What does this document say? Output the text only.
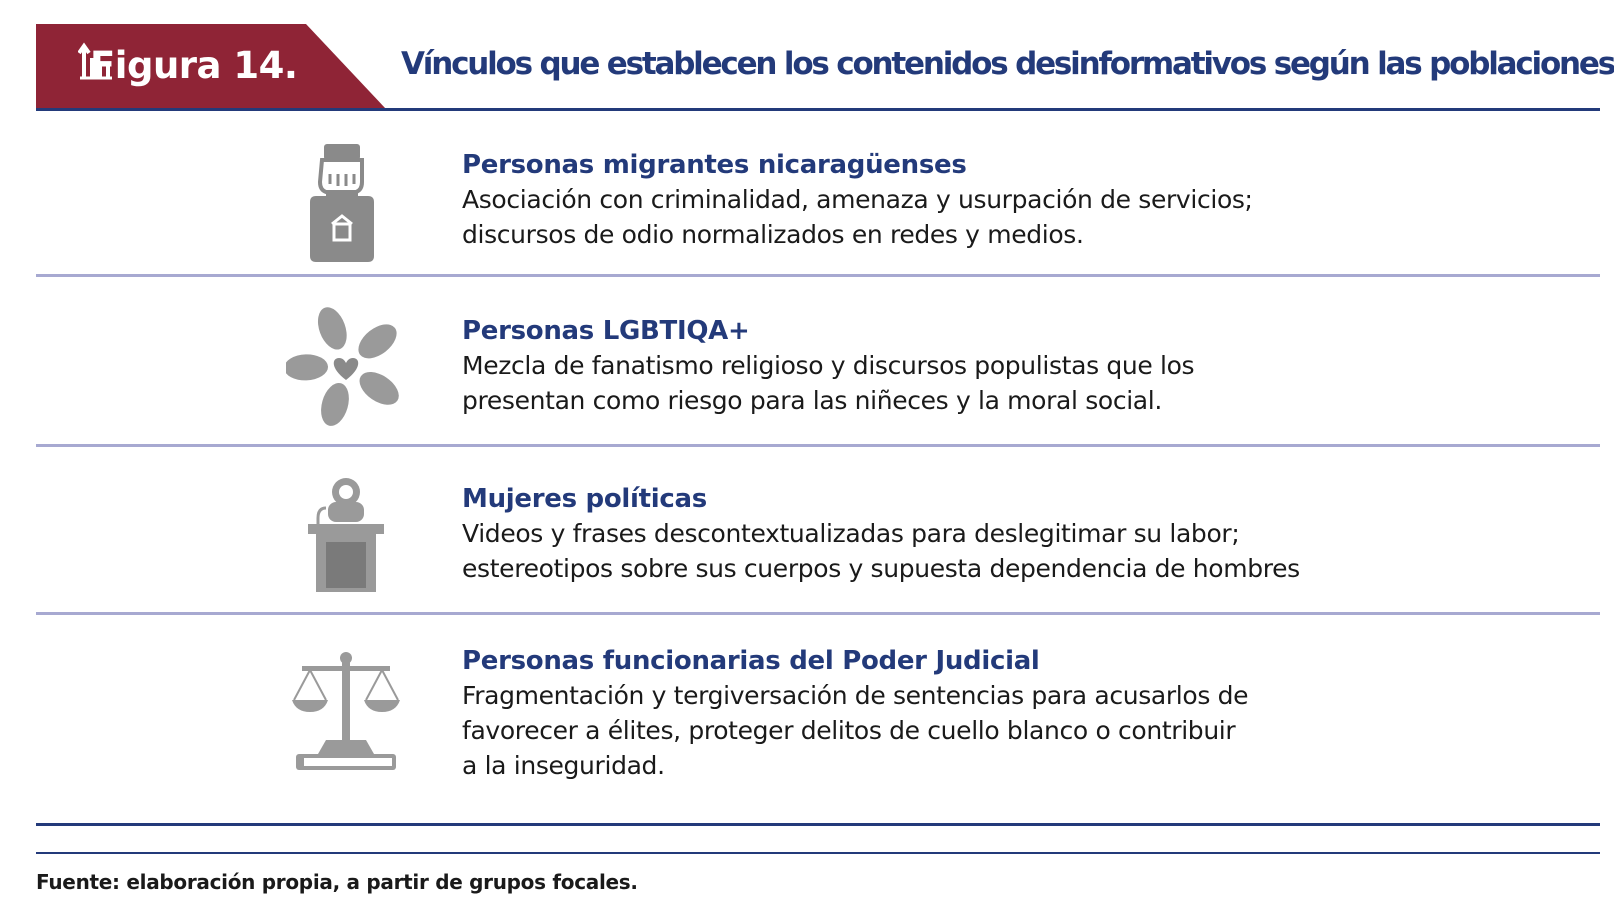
Figura 14.	Vínculos que establecen los contenidos desinformativos según las poblaciones
Personas migrantes nicaragüenses
Asociación con criminalidad, amenaza y usurpación de servicios;
discursos de odio normalizados en redes y medios.
Personas LGBTIQA+
Mezcla de fanatismo religioso y discursos populistas que los
presentan como riesgo para las niñeces y la moral social.
Mujeres políticas
Videos y frases descontextualizadas para deslegitimar su labor;
estereotipos sobre sus cuerpos y supuesta dependencia de hombres
Personas funcionarias del Poder Judicial
Fragmentación y tergiversación de sentencias para acusarlos de
favorecer a élites, proteger delitos de cuello blanco o contribuir
a la inseguridad.
Fuente: elaboración propia, a partir de grupos focales.
